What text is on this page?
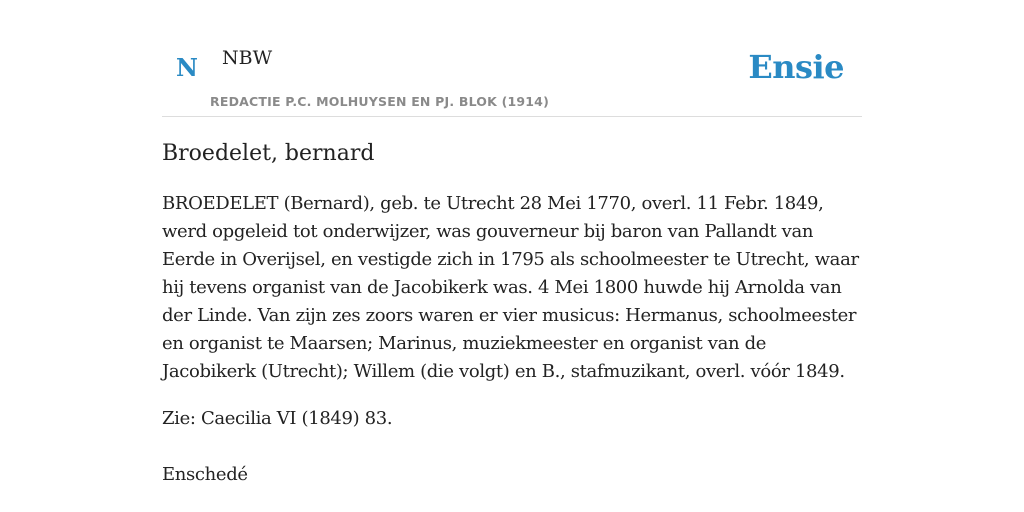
N NBW
REDACTIE P.C. MOLHUYSEN EN PJ. BLOK (1914)
Ensie
Broedelet, bernard

BROEDELET (Bernard), geb. te Utrecht 28 Mei 1770, overl. 11 Febr. 1849, werd opgeleid tot onderwijzer, was gouverneur bij baron van Pallandt van Eerde in Overijsel, en vestigde zich in 1795 als schoolmeester te Utrecht, waar hij tevens organist van de Jacobikerk was. 4 Mei 1800 huwde hij Arnolda van der Linde. Van zijn zes zoors waren er vier musicus: Hermanus, schoolmeester en organist te Maarsen; Marinus, muziekmeester en organist van de Jacobikerk (Utrecht); Willem (die volgt) en B., stafmuzikant, overl. vóór 1849.

Zie: Caecilia VI (1849) 83.

Enschedé
